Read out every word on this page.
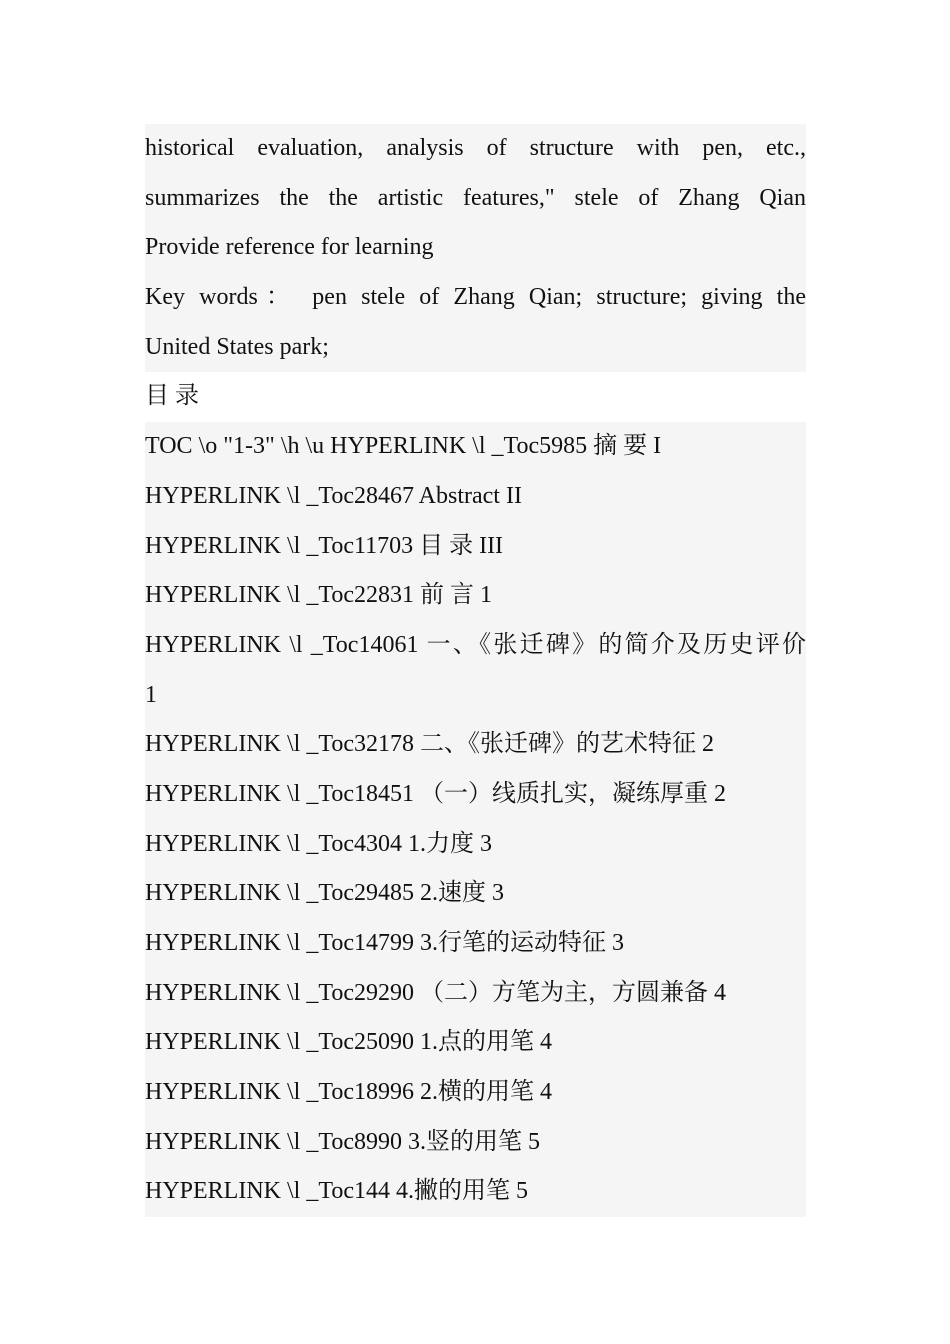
historical evaluation, analysis of structure with pen, etc.,
summarizes the the artistic features," stele of Zhang Qian
Provide reference for learning
Key words： pen stele of Zhang Qian; structure; giving the
United States park;
目 录
TOC \o "1-3" \h \u HYPERLINK \l _Toc5985 摘 要 I
HYPERLINK \l _Toc28467 Abstract II
HYPERLINK \l _Toc11703 目 录 III
HYPERLINK \l _Toc22831 前 言 1
HYPERLINK \l _Toc14061 一、《张迁碑》的简介及历史评价
1
HYPERLINK \l _Toc32178 二、《张迁碑》的艺术特征 2
HYPERLINK \l _Toc18451 （一）线质扎实，凝练厚重 2
HYPERLINK \l _Toc4304 1.力度 3
HYPERLINK \l _Toc29485 2.速度 3
HYPERLINK \l _Toc14799 3.行笔的运动特征 3
HYPERLINK \l _Toc29290 （二）方笔为主，方圆兼备 4
HYPERLINK \l _Toc25090 1.点的用笔 4
HYPERLINK \l _Toc18996 2.横的用笔 4
HYPERLINK \l _Toc8990 3.竖的用笔 5
HYPERLINK \l _Toc144 4.撇的用笔 5
